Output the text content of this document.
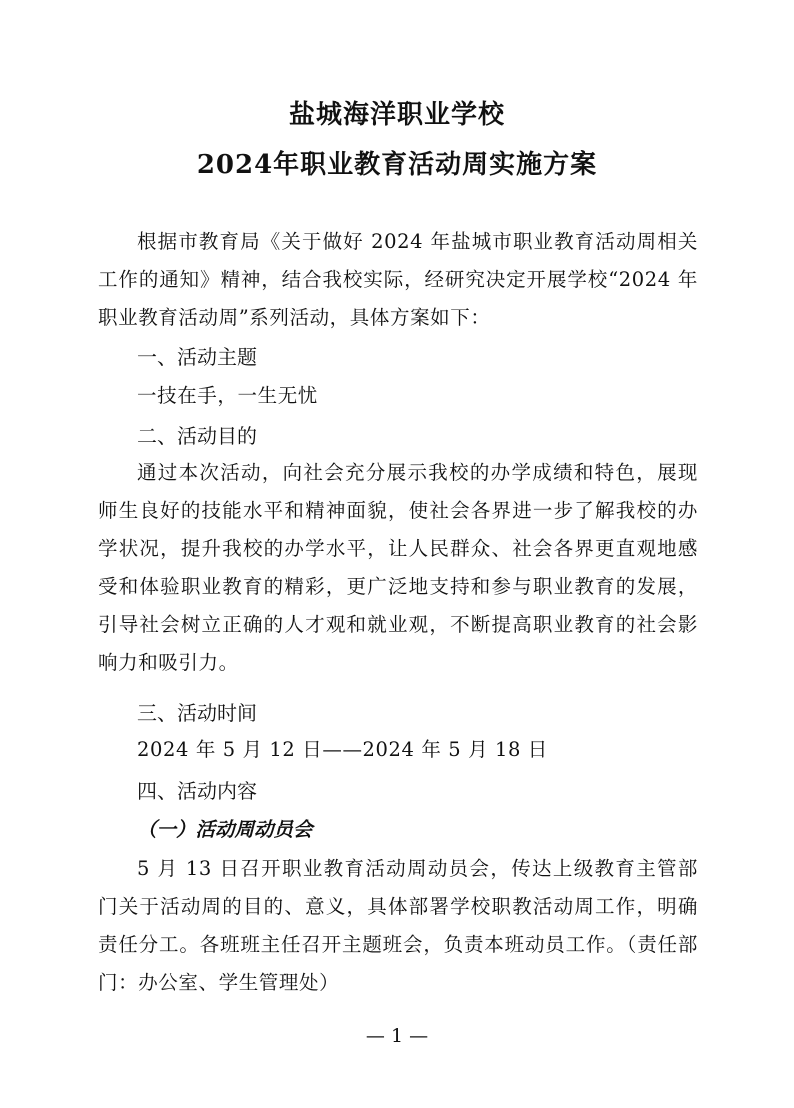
盐城海洋职业学校
2024年职业教育活动周实施方案
根据市教育局《关于做好 2024 年盐城市职业教育活动周相关工作的通知》精神，结合我校实际，经研究决定开展学校“2024 年职业教育活动周”系列活动，具体方案如下：
一、活动主题
一技在手，一生无忧
二、活动目的
通过本次活动，向社会充分展示我校的办学成绩和特色，展现师生良好的技能水平和精神面貌，使社会各界进一步了解我校的办学状况，提升我校的办学水平，让人民群众、社会各界更直观地感受和体验职业教育的精彩，更广泛地支持和参与职业教育的发展，引导社会树立正确的人才观和就业观，不断提高职业教育的社会影响力和吸引力。
三、活动时间
2024 年 5 月 12 日——2024 年 5 月 18 日
四、活动内容
（一）活动周动员会
5 月 13 日召开职业教育活动周动员会，传达上级教育主管部门关于活动周的目的、意义，具体部署学校职教活动周工作，明确责任分工。各班班主任召开主题班会，负责本班动员工作。（责任部门：办公室、学生管理处）
— 1 —
